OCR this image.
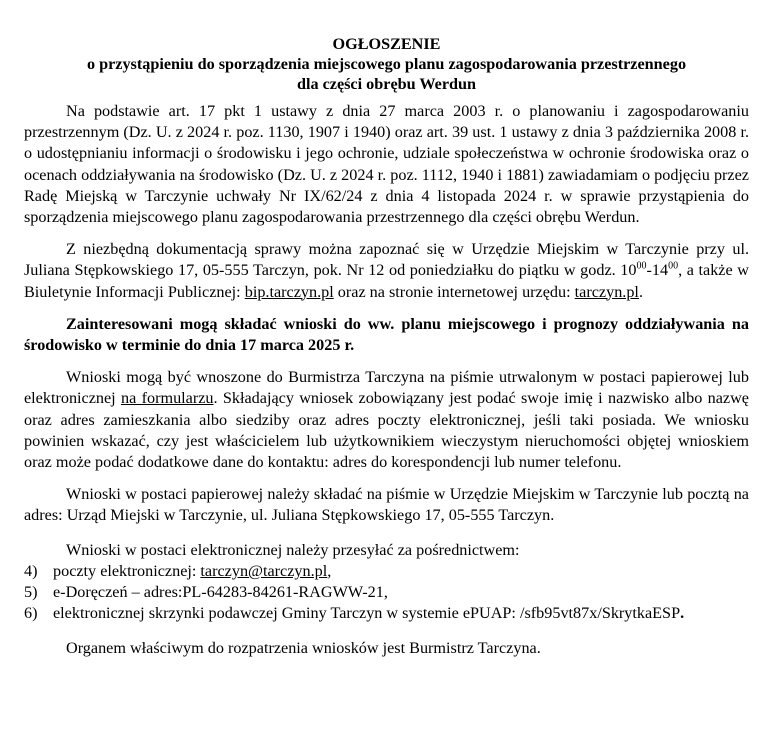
OGŁOSZENIE
o przystąpieniu do sporządzenia miejscowego planu zagospodarowania przestrzennego
dla części obrębu Werdun

Na podstawie art. 17 pkt 1 ustawy z dnia 27 marca 2003 r. o planowaniu i zagospodarowaniu przestrzennym (Dz. U. z 2024 r. poz. 1130, 1907 i 1940) oraz art. 39 ust. 1 ustawy z dnia 3 października 2008 r. o udostępnianiu informacji o środowisku i jego ochronie, udziale społeczeństwa w ochronie środowiska oraz o ocenach oddziaływania na środowisko (Dz. U. z 2024 r. poz. 1112, 1940 i 1881) zawiadamiam o podjęciu przez Radę Miejską w Tarczynie uchwały Nr IX/62/24 z dnia 4 listopada 2024 r. w sprawie przystąpienia do sporządzenia miejscowego planu zagospodarowania przestrzennego dla części obrębu Werdun.

Z niezbędną dokumentacją sprawy można zapoznać się w Urzędzie Miejskim w Tarczynie przy ul. Juliana Stępkowskiego 17, 05-555 Tarczyn, pok. Nr 12 od poniedziałku do piątku w godz. $10^{00}-14^{00}$, a także w Biuletynie Informacji Publicznej: bip.tarczyn.pl oraz na stronie internetowej urzędu: tarczyn.pl.

Zainteresowani mogą składać wnioski do ww. planu miejscowego i prognozy oddziaływania na środowisko w terminie do dnia 17 marca 2025 r.

Wnioski mogą być wnoszone do Burmistrza Tarczyna na piśmie utrwalonym w postaci papierowej lub elektronicznej na formularzu. Składający wniosek zobowiązany jest podać swoje imię i nazwisko albo nazwę oraz adres zamieszkania albo siedziby oraz adres poczty elektronicznej, jeśli taki posiada. We wniosku powinien wskazać, czy jest właścicielem lub użytkownikiem wieczystym nieruchomości objętej wnioskiem oraz może podać dodatkowe dane do kontaktu: adres do korespondencji lub numer telefonu.

Wnioski w postaci papierowej należy składać na piśmie w Urzędzie Miejskim w Tarczynie lub pocztą na adres: Urząd Miejski w Tarczynie, ul. Juliana Stępkowskiego 17, 05-555 Tarczyn.

Wnioski w postaci elektronicznej należy przesyłać za pośrednictwem:

4) poczty elektronicznej: tarczyn@tarczyn.pl,
5) e-Doręczeń – adres:PL-64283-84261-RAGWW-21,
6) elektronicznej skrzynki podawczej Gminy Tarczyn w systemie ePUAP: /sfb95vt87x/SkrytkaESP.

Organem właściwym do rozpatrzenia wniosków jest Burmistrz Tarczyna.
